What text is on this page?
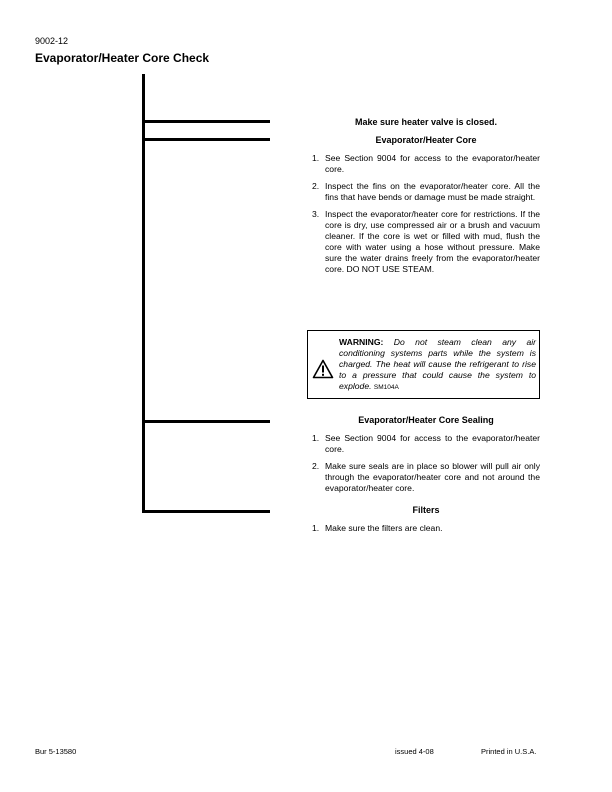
9002-12
Evaporator/Heater Core Check
Make sure heater valve is closed.
Evaporator/Heater Core
1. See Section 9004 for access to the evaporator/heater core.
2. Inspect the fins on the evaporator/heater core. All the fins that have bends or damage must be made straight.
3. Inspect the evaporator/heater core for restrictions. If the core is dry, use compressed air or a brush and vacuum cleaner. If the core is wet or filled with mud, flush the core with water using a hose without pressure. Make sure the water drains freely from the evaporator/heater core. DO NOT USE STEAM.
WARNING: Do not steam clean any air conditioning systems parts while the system is charged. The heat will cause the refrigerant to rise to a pressure that could cause the system to explode. SM104A
Evaporator/Heater Core Sealing
1. See Section 9004 for access to the evaporator/heater core.
2. Make sure seals are in place so blower will pull air only through the evaporator/heater core and not around the evaporator/heater core.
Filters
1. Make sure the filters are clean.
Bur 5-13580	issued 4-08	Printed in U.S.A.
